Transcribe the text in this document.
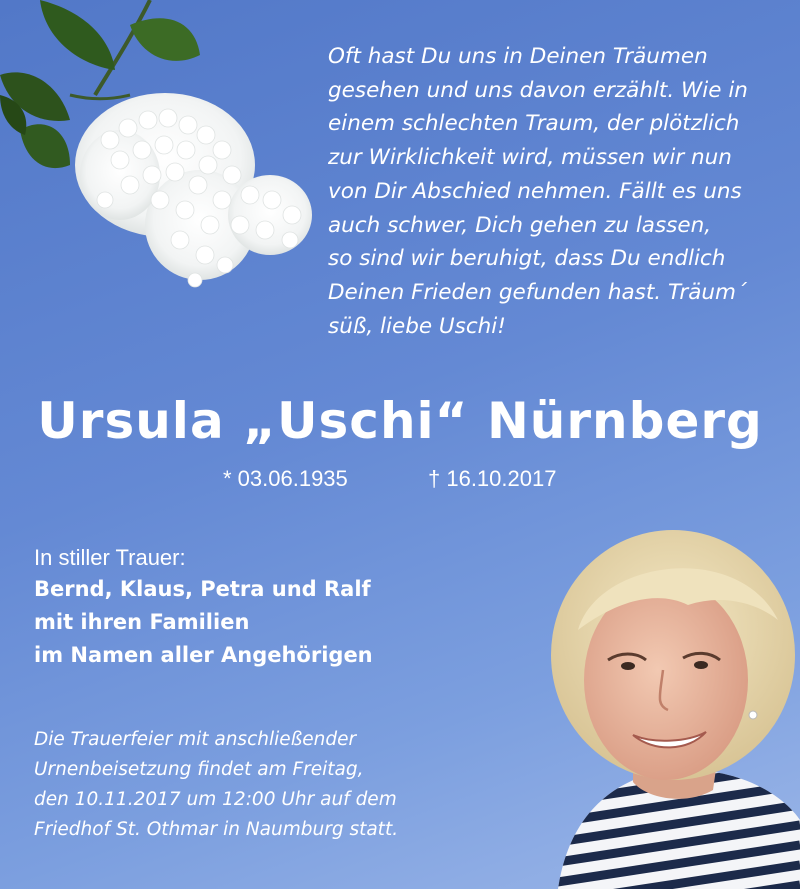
Oft hast Du uns in Deinen Träumen
gesehen und uns davon erzählt. Wie in
einem schlechten Traum, der plötzlich
zur Wirklichkeit wird, müssen wir nun
von Dir Abschied nehmen. Fällt es uns
auch schwer, Dich gehen zu lassen,
so sind wir beruhigt, dass Du endlich
Deinen Frieden gefunden hast. Träum´
süß, liebe Uschi!
Ursula „Uschi“ Nürnberg
* 03.06.1935	† 16.10.2017
In stiller Trauer:
Bernd, Klaus, Petra und Ralf
mit ihren Familien
im Namen aller Angehörigen
Die Trauerfeier mit anschließender
Urnenbeisetzung findet am Freitag,
den 10.11.2017 um 12:00 Uhr auf dem
Friedhof St. Othmar in Naumburg statt.
